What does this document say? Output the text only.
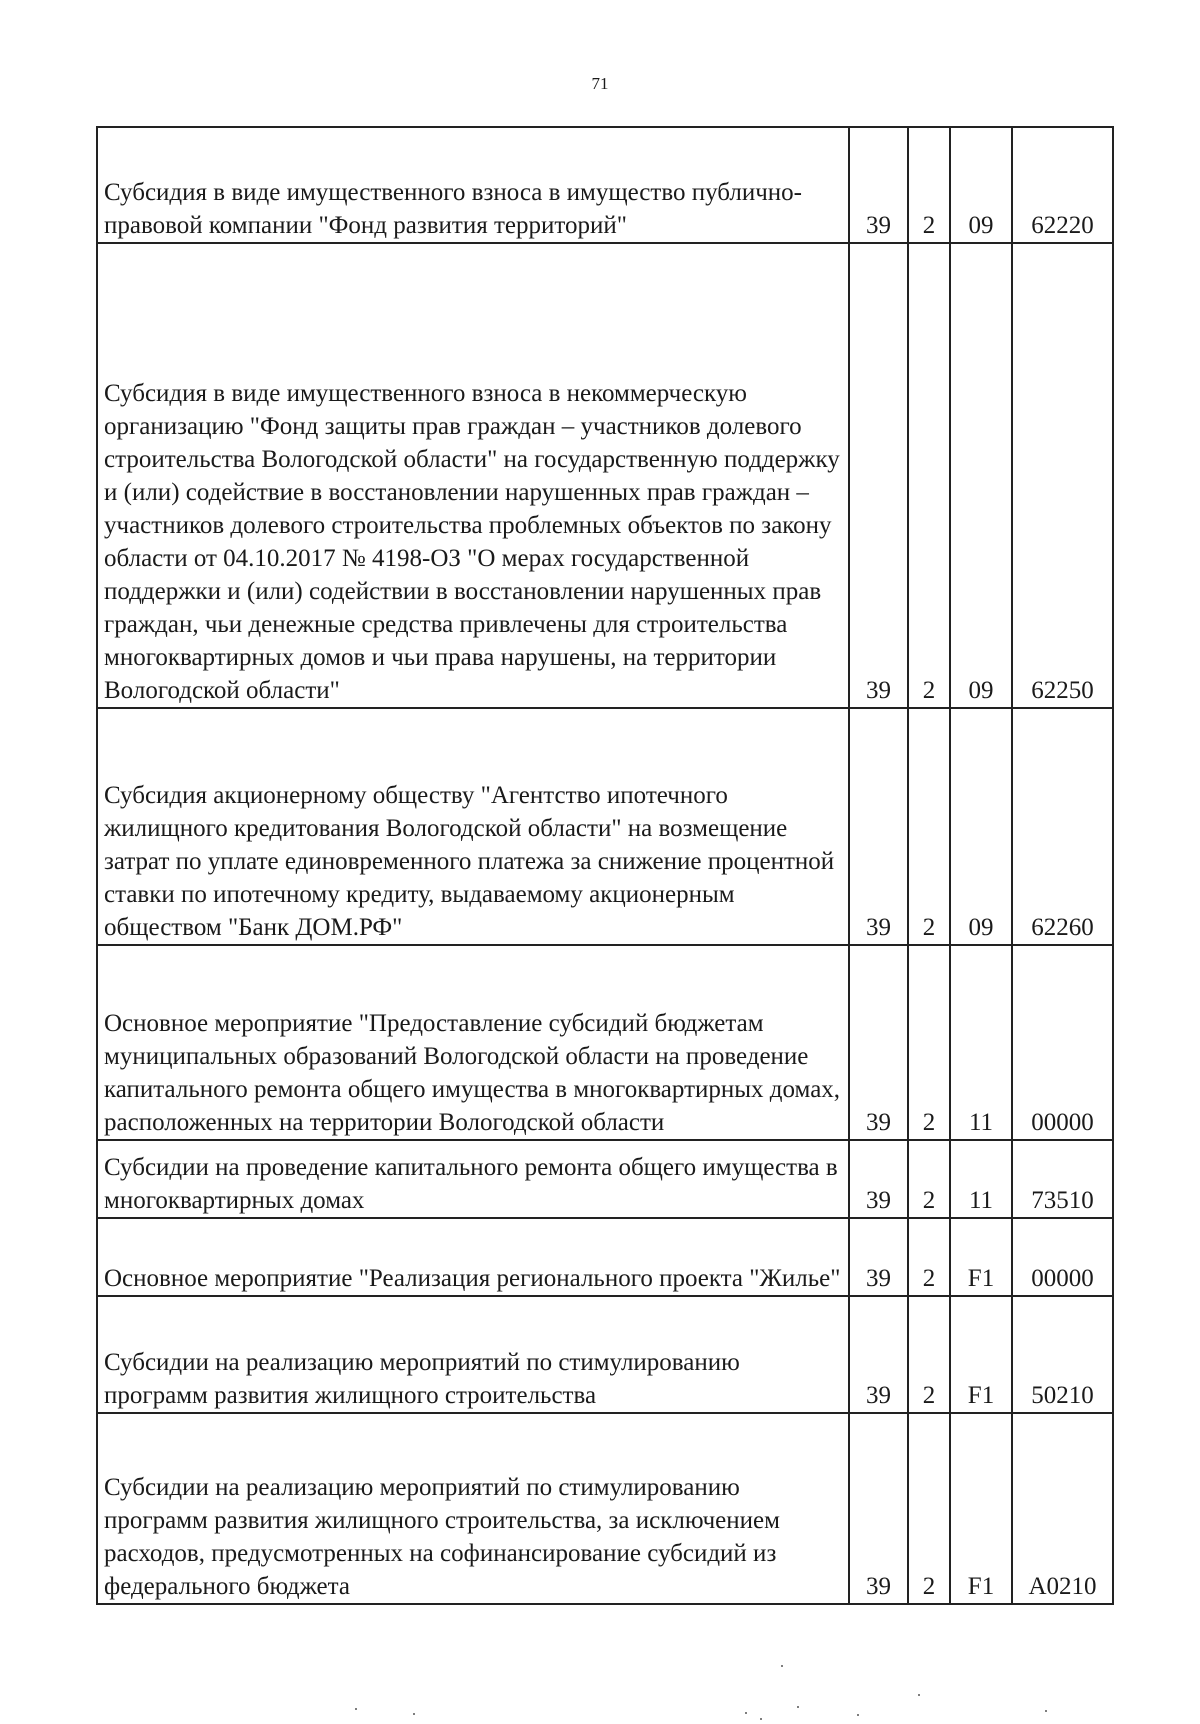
71
Субсидия в виде имущественного взноса в имущество публично-правовой компании "Фонд развития территорий"	39	2	09	62220
Субсидия в виде имущественного взноса в некоммерческую организацию "Фонд защиты прав граждан – участников долевого строительства Вологодской области" на государственную поддержку и (или) содействие в восстановлении нарушенных прав граждан – участников долевого строительства проблемных объектов по закону области от 04.10.2017 № 4198-ОЗ "О мерах государственной поддержки и (или) содействии в восстановлении нарушенных прав граждан, чьи денежные средства привлечены для строительства многоквартирных домов и чьи права нарушены, на территории Вологодской области"	39	2	09	62250
Субсидия акционерному обществу "Агентство ипотечного жилищного кредитования Вологодской области" на возмещение затрат по уплате единовременного платежа за снижение процентной ставки по ипотечному кредиту, выдаваемому акционерным обществом "Банк ДОМ.РФ"	39	2	09	62260
Основное мероприятие "Предоставление субсидий бюджетам муниципальных образований Вологодской области на проведение капитального ремонта общего имущества в многоквартирных домах, расположенных на территории Вологодской области	39	2	11	00000
Субсидии на проведение капитального ремонта общего имущества в многоквартирных домах	39	2	11	73510
Основное мероприятие "Реализация регионального проекта "Жилье"	39	2	F1	00000
Субсидии на реализацию мероприятий по стимулированию программ развития жилищного строительства	39	2	F1	50210
Субсидии на реализацию мероприятий по стимулированию программ развития жилищного строительства, за исключением расходов, предусмотренных на софинансирование субсидий из федерального бюджета	39	2	F1	A0210
